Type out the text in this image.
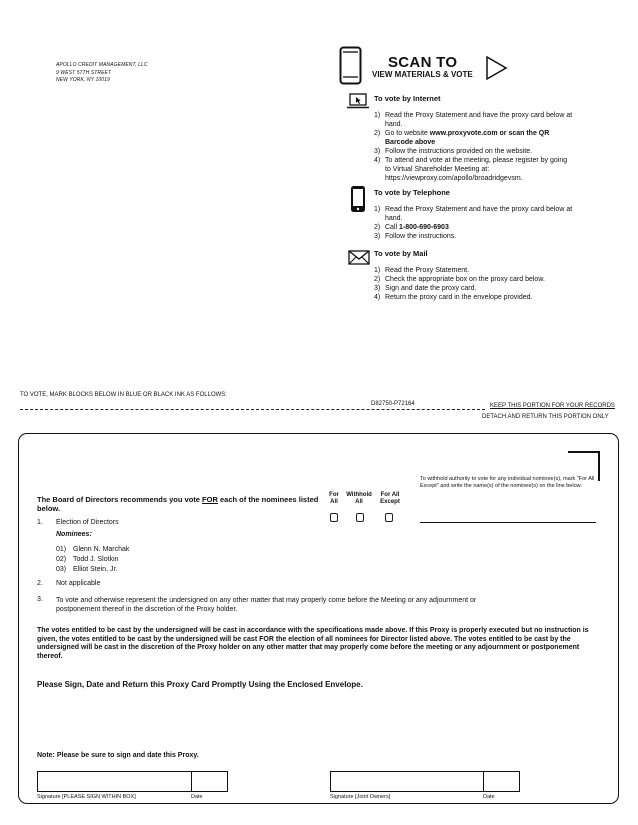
APOLLO CREDIT MANAGEMENT, LLC
9 WEST 57TH STREET
NEW YORK, NY 10019
SCAN TO
VIEW MATERIALS & VOTE
To vote by Internet
1) Read the Proxy Statement and have the proxy card below at hand.
2) Go to website www.proxyvote.com or scan the QR Barcode above
3) Follow the instructions provided on the website.
4) To attend and vote at the meeting, please register by going to Virtual Shareholder Meeting at: https://viewproxy.com/apollo/broadridgevsm.
To vote by Telephone
1) Read the Proxy Statement and have the proxy card below at hand.
2) Call 1-800-690-6903
3) Follow the instructions.
To vote by Mail
1) Read the Proxy Statement.
2) Check the appropriate box on the proxy card below.
3) Sign and date the proxy card.
4) Return the proxy card in the envelope provided.
TO VOTE, MARK BLOCKS BELOW IN BLUE OR BLACK INK AS FOLLOWS:
D82750-P72164	KEEP THIS PORTION FOR YOUR RECORDS
DETACH AND RETURN THIS PORTION ONLY
To withhold authority to vote for any individual nominee(s), mark "For All Except" and write the name(s) of the nominee(s) on the line below.
The Board of Directors recommends you vote FOR each of the nominees listed below.
For All
Withhold All
For All Except
1. Election of Directors
Nominees:
01) Glenn N. Marchak
02) Todd J. Slotkin
03) Elliot Stein, Jr.
2. Not applicable
3. To vote and otherwise represent the undersigned on any other matter that may properly come before the Meeting or any adjournment or postponement thereof in the discretion of the Proxy holder.
The votes entitled to be cast by the undersigned will be cast in accordance with the specifications made above. If this Proxy is properly executed but no instruction is given, the votes entitled to be cast by the undersigned will be cast FOR the election of all nominees for Director listed above. The votes entitled to be cast by the undersigned will be cast in the discretion of the Proxy holder on any other matter that may properly come before the meeting or any adjournment or postponement thereof.
Please Sign, Date and Return this Proxy Card Promptly Using the Enclosed Envelope.
Note: Please be sure to sign and date this Proxy.
Signature [PLEASE SIGN WITHIN BOX]	Date	Signature [Joint Owners]	Date
